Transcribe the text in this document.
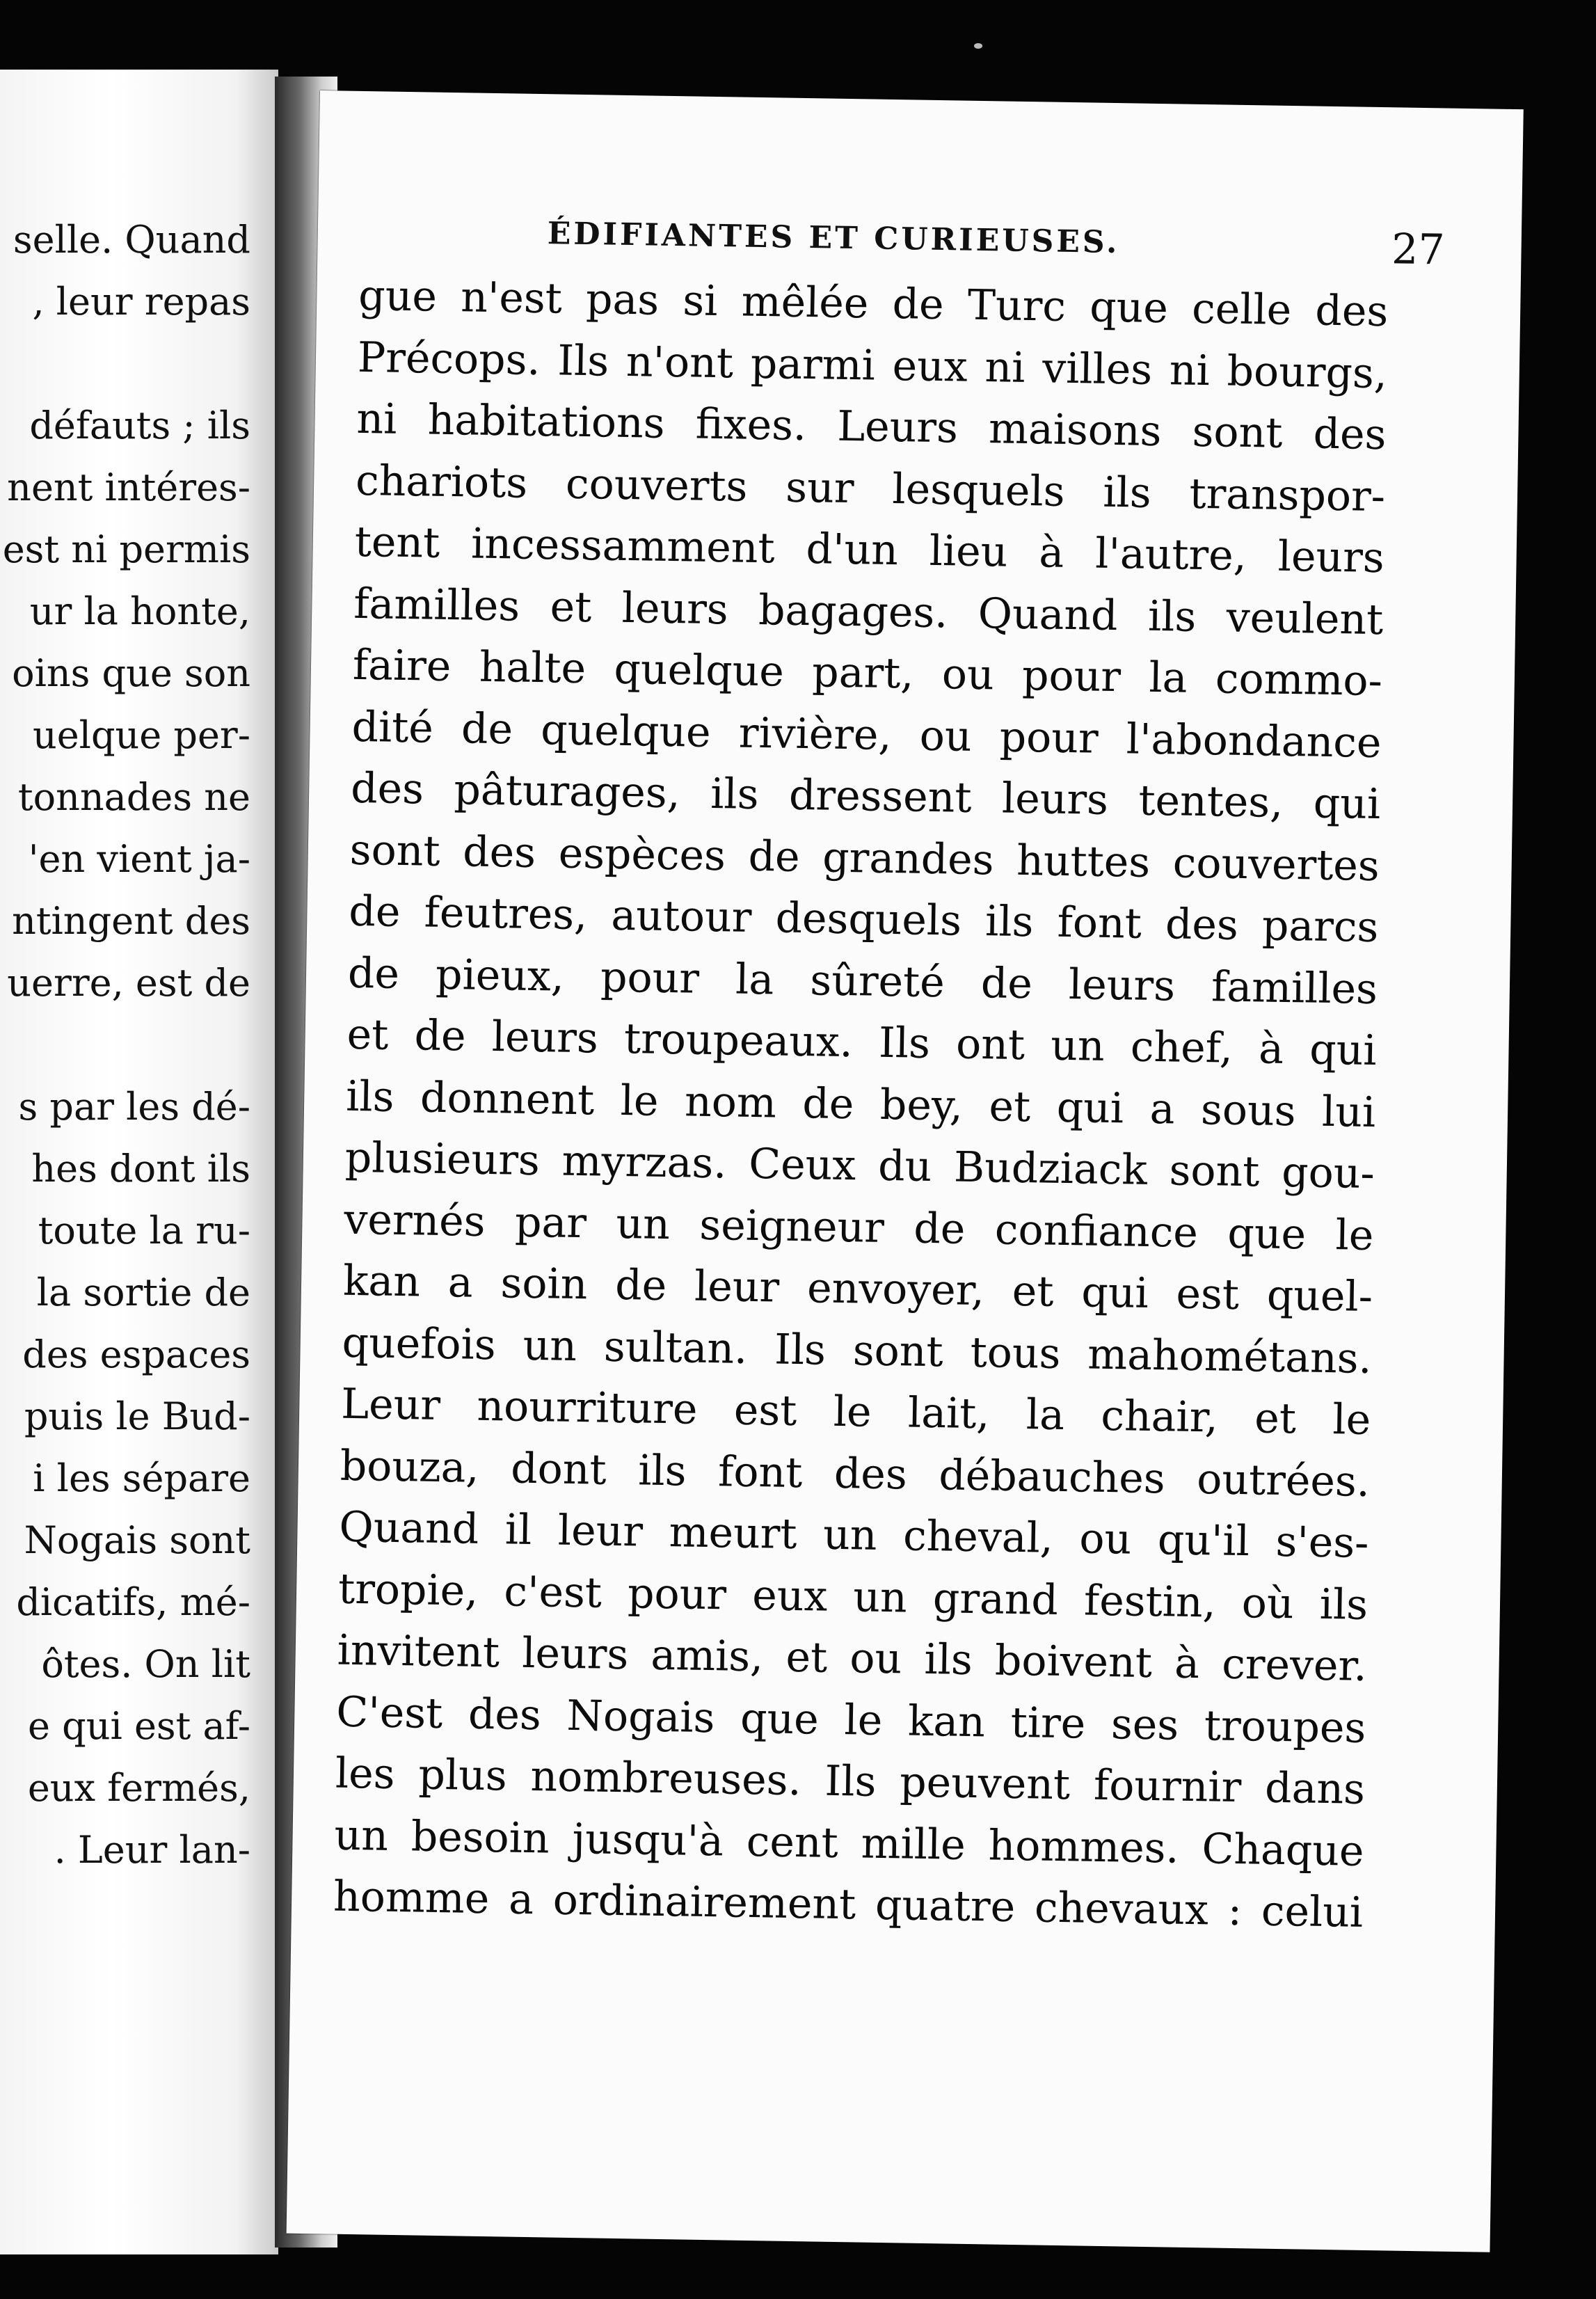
selle. Quand
, leur repas
défauts ; ils
nent intéres-
est ni permis
ur la honte,
oins que son
uelque per-
tonnades ne
'en vient ja-
ntingent des
uerre, est de
s par les dé-
hes dont ils
toute la ru-
la sortie de
des espaces
puis le Bud-
i les sépare
Nogais sont
dicatifs, mé-
ôtes. On lit
e qui est af-
eux fermés,
. Leur lan-
ÉDIFIANTES ET CURIEUSES.	27
gue n'est pas si mêlée de Turc que celle des
Précops. Ils n'ont parmi eux ni villes ni bourgs,
ni habitations fixes. Leurs maisons sont des
chariots couverts sur lesquels ils transpor-
tent incessamment d'un lieu à l'autre, leurs
familles et leurs bagages. Quand ils veulent
faire halte quelque part, ou pour la commo-
dité de quelque rivière, ou pour l'abondance
des pâturages, ils dressent leurs tentes, qui
sont des espèces de grandes huttes couvertes
de feutres, autour desquels ils font des parcs
de pieux, pour la sûreté de leurs familles
et de leurs troupeaux. Ils ont un chef, à qui
ils donnent le nom de bey, et qui a sous lui
plusieurs myrzas. Ceux du Budziack sont gou-
vernés par un seigneur de confiance que le
kan a soin de leur envoyer, et qui est quel-
quefois un sultan. Ils sont tous mahométans.
Leur nourriture est le lait, la chair, et le
bouza, dont ils font des débauches outrées.
Quand il leur meurt un cheval, ou qu'il s'es-
tropie, c'est pour eux un grand festin, où ils
invitent leurs amis, et ou ils boivent à crever.
C'est des Nogais que le kan tire ses troupes
les plus nombreuses. Ils peuvent fournir dans
un besoin jusqu'à cent mille hommes. Chaque
homme a ordinairement quatre chevaux : celui
